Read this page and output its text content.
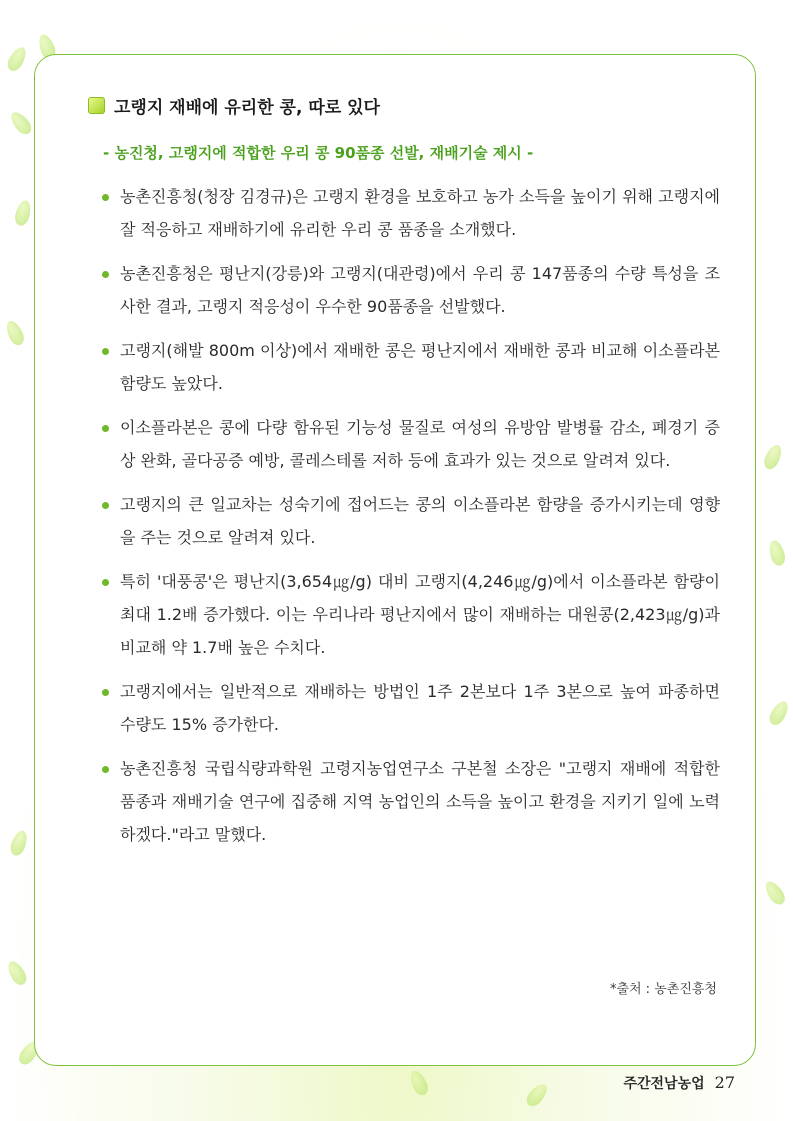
고랭지 재배에 유리한 콩, 따로 있다
- 농진청, 고랭지에 적합한 우리 콩 90품종 선발, 재배기술 제시 -
농촌진흥청(청장 김경규)은 고랭지 환경을 보호하고 농가 소득을 높이기 위해 고랭지에 잘 적응하고 재배하기에 유리한 우리 콩 품종을 소개했다.
농촌진흥청은 평난지(강릉)와 고랭지(대관령)에서 우리 콩 147품종의 수량 특성을 조사한 결과, 고랭지 적응성이 우수한 90품종을 선발했다.
고랭지(해발 800m 이상)에서 재배한 콩은 평난지에서 재배한 콩과 비교해 이소플라본 함량도 높았다.
이소플라본은 콩에 다량 함유된 기능성 물질로 여성의 유방암 발병률 감소, 폐경기 증상 완화, 골다공증 예방, 콜레스테롤 저하 등에 효과가 있는 것으로 알려져 있다.
고랭지의 큰 일교차는 성숙기에 접어드는 콩의 이소플라본 함량을 증가시키는데 영향을 주는 것으로 알려져 있다.
특히 '대풍콩'은 평난지(3,654㎍/g) 대비 고랭지(4,246㎍/g)에서 이소플라본 함량이 최대 1.2배 증가했다. 이는 우리나라 평난지에서 많이 재배하는 대원콩(2,423㎍/g)과 비교해 약 1.7배 높은 수치다.
고랭지에서는 일반적으로 재배하는 방법인 1주 2본보다 1주 3본으로 높여 파종하면 수량도 15% 증가한다.
농촌진흥청 국립식량과학원 고령지농업연구소 구본철 소장은 "고랭지 재배에 적합한 품종과 재배기술 연구에 집중해 지역 농업인의 소득을 높이고 환경을 지키기 일에 노력하겠다."라고 말했다.
*출처 : 농촌진흥청
주간전남농업 27
